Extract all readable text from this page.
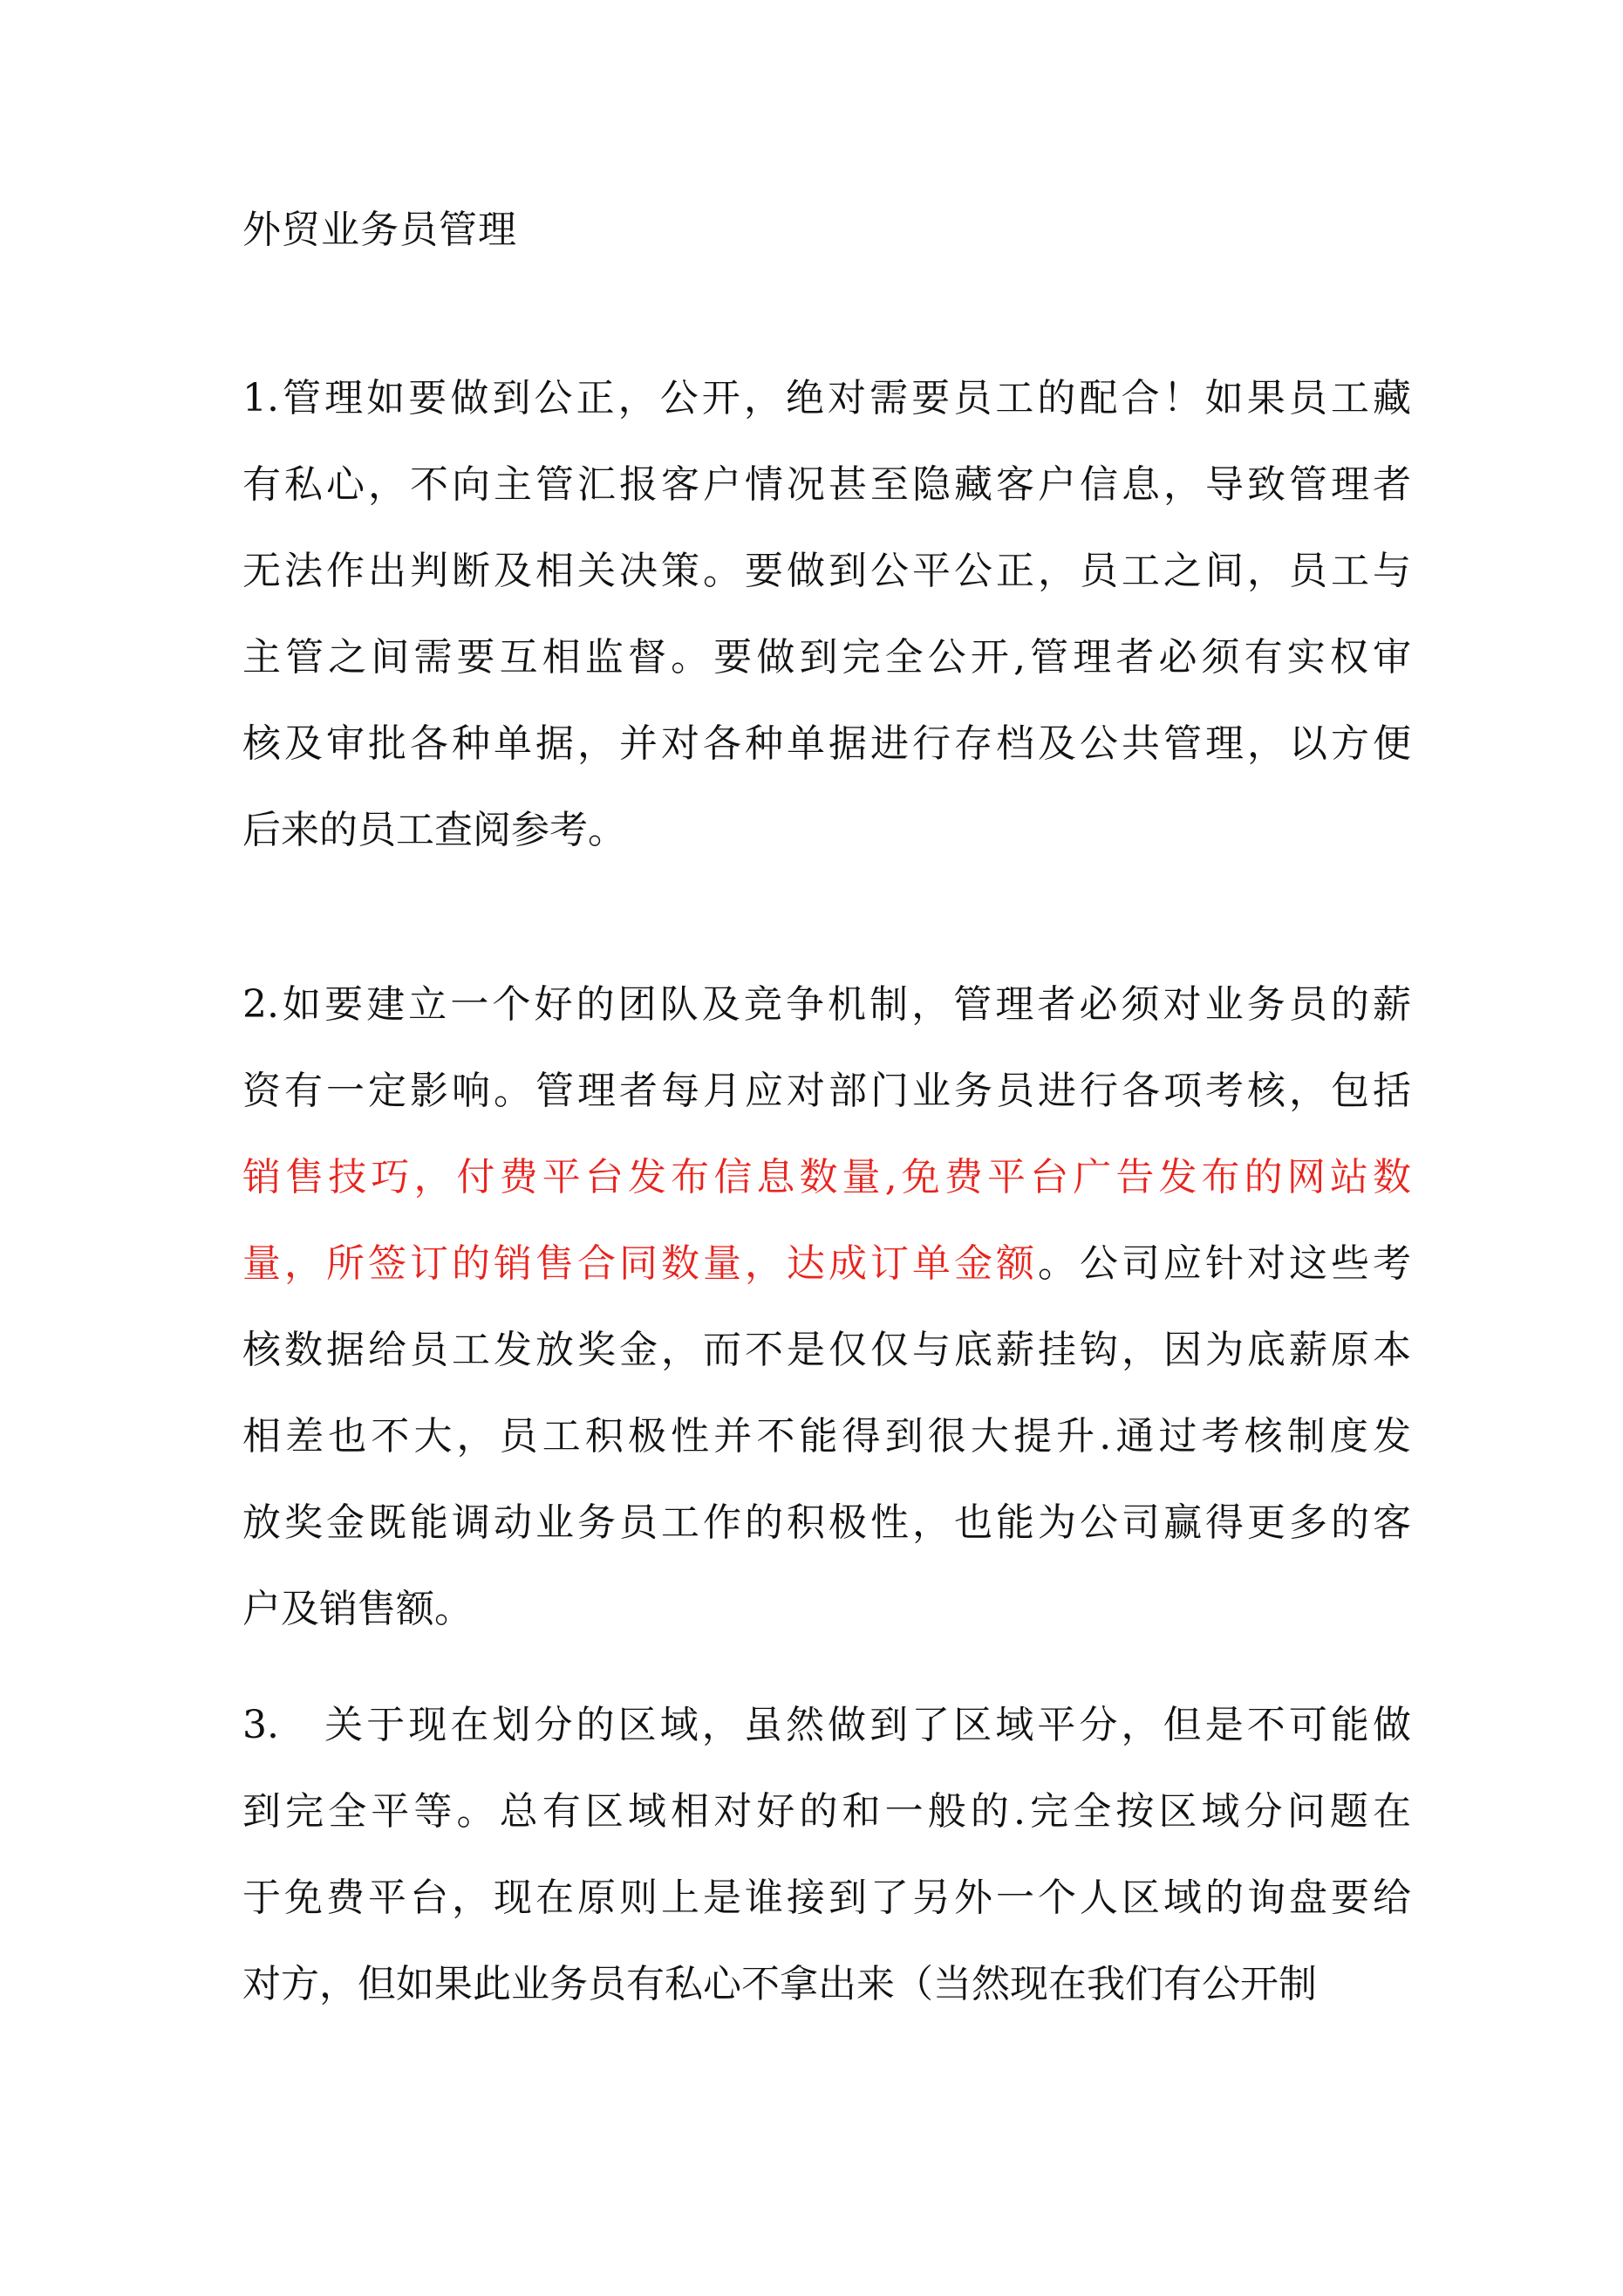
外贸业务员管理
1.管理如要做到公正，公开，绝对需要员工的配合！如果员工藏
有私心，不向主管汇报客户情况甚至隐藏客户信息，导致管理者
无法作出判断及相关决策。要做到公平公正，员工之间，员工与
主管之间需要互相监督。要做到完全公开,管理者必须有实权审
核及审批各种单据，并对各种单据进行存档及公共管理，以方便
后来的员工查阅参考。
2.如要建立一个好的团队及竞争机制，管理者必须对业务员的薪
资有一定影响。管理者每月应对部门业务员进行各项考核，包括
销售技巧，付费平台发布信息数量,免费平台广告发布的网站数
量，所签订的销售合同数量，达成订单金额。公司应针对这些考
核数据给员工发放奖金，而不是仅仅与底薪挂钩，因为底薪原本
相差也不大，员工积极性并不能得到很大提升.通过考核制度发
放奖金既能调动业务员工作的积极性，也能为公司赢得更多的客
户及销售额。
3.　关于现在划分的区域，虽然做到了区域平分，但是不可能做
到完全平等。总有区域相对好的和一般的.完全按区域分问题在
于免费平台，现在原则上是谁接到了另外一个人区域的询盘要给
对方，但如果此业务员有私心不拿出来（当然现在我们有公开制
